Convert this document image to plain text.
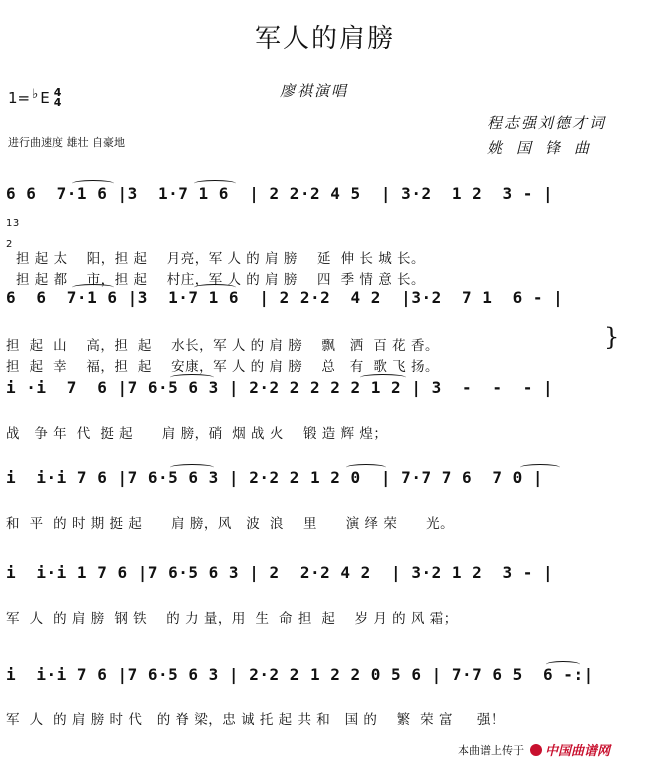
军人的肩膀
1= ♭ E 4
4
廖祺演唱
程志强刘德才词
姚国锋曲
进行曲速度 雄壮 自豪地
6 6  7·1 6 |3  1·7 1 6  | 2 2·2 4 5  | 3·2  1 2  3 - |

13

担 起 太    阳，担 起    月亮，军 人 的 肩 膀    延  伸 长 城 长。

2

担 起 都    市，担 起    村庄，军 人 的 肩 膀    四  季 情 意 长。

6  6  7·1 6 |3  1·7 1 6  | 2 2·2  4 2  |3·2  7 1  6 - |

担  起  山    高，担  起    水长，军 人 的 肩 膀    飘   洒  百 花 香。

担  起  幸    福，担  起    安康，军 人 的 肩 膀    总   有  歌 飞 扬。

}
i ·i  7  6 |7 6·5 6 3 | 2·2 2 2 2 2 1 2 | 3  -  -  - |

战   争 年  代  挺 起      肩 膀，硝  烟 战 火    锻 造 辉 煌；

i  i·i 7 6 |7 6·5 6 3 | 2·2 2 1 2 0  | 7·7 7 6  7 0 |

和  平  的 时 期 挺 起      肩 膀，风   波  浪    里      演 绎 荣      光。

i  i·i 1 7 6 |7 6·5 6 3 | 2  2·2 4 2  | 3·2 1 2  3 - |

军  人  的 肩 膀  钢 铁    的 力 量，用  生  命 担  起    岁 月 的 风 霜；

i  i·i 7 6 |7 6·5 6 3 | 2·2 2 1 2 2 0 5 6 | 7·7 6 5  6 -:|

军  人  的 肩 膀 时 代   的 脊 梁，忠 诚 托 起 共 和   国 的    繁  荣 富     强！

本曲谱上传于 中国曲谱网
